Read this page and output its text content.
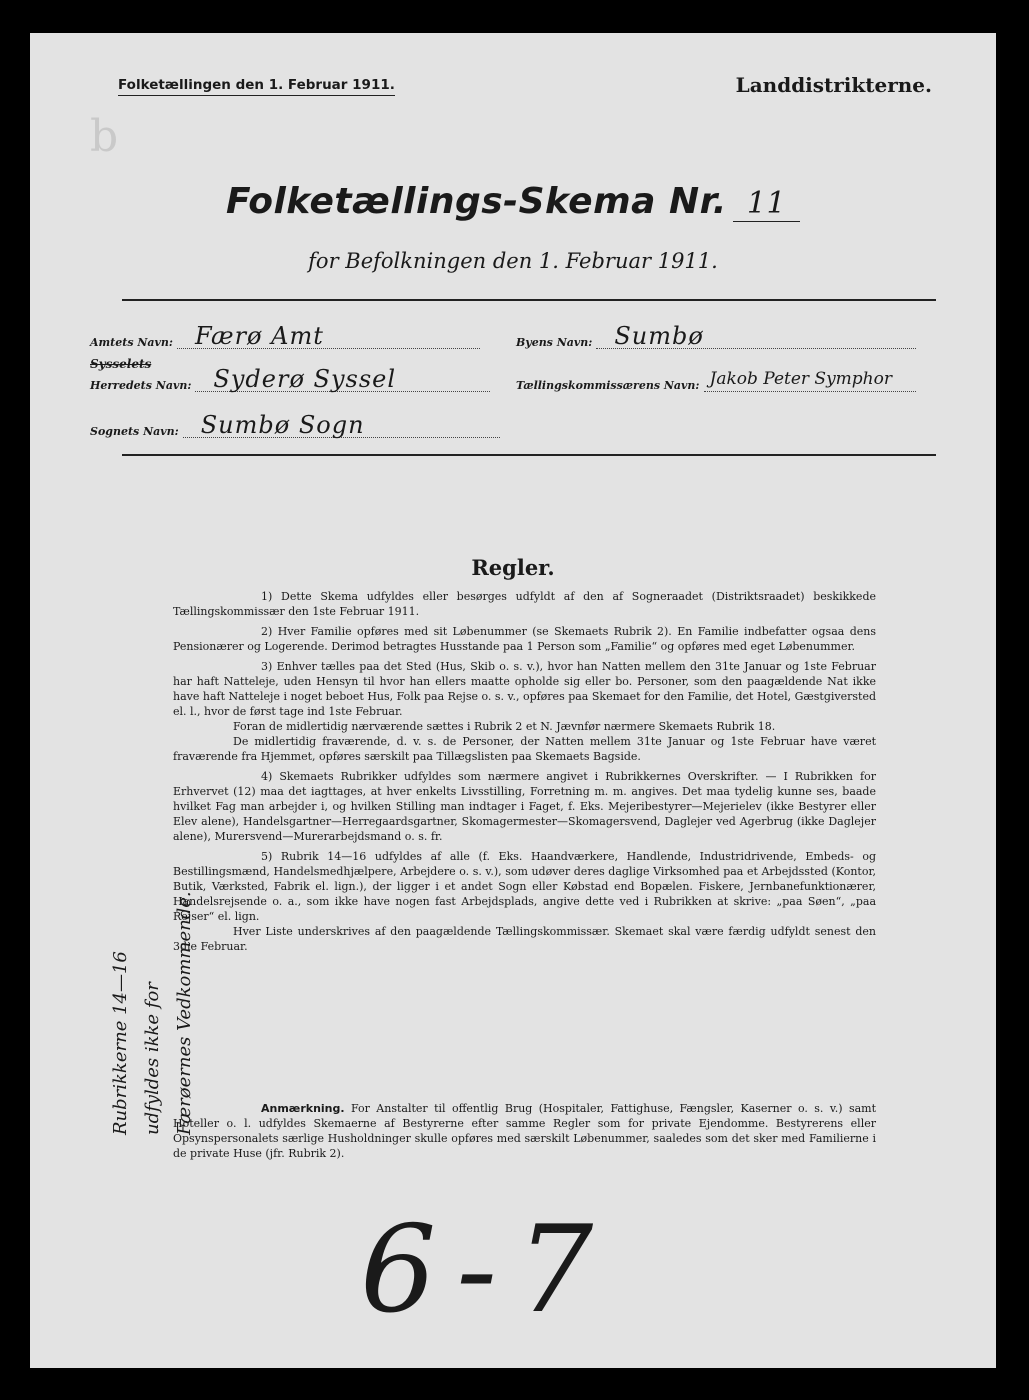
b
Folketællingen den 1. Februar 1911.	Landdistrikterne.
Folketællings-Skema Nr. 11
for Befolkningen den 1. Februar 1911.
Amtets Navn: Færø Amt	Byens Navn: Sumbø
Sysselets
Herredets Navn: Syderø Syssel	Tællingskommissærens Navn: Jakob Peter Symphor
Sognets Navn: Sumbø Sogn
Regler.

1) Dette Skema udfyldes eller besørges udfyldt af den af Sogneraadet (Distriktsraadet) beskikkede Tællingskommissær den 1ste Februar 1911.

2) Hver Familie opføres med sit Løbenummer (se Skemaets Rubrik 2). En Familie indbefatter ogsaa dens Pensionærer og Logerende. Derimod betragtes Husstande paa 1 Person som „Familie“ og opføres med eget Løbenummer.

3) Enhver tælles paa det Sted (Hus, Skib o. s. v.), hvor han Natten mellem den 31te Januar og 1ste Februar har haft Natteleje, uden Hensyn til hvor han ellers maatte opholde sig eller bo. Personer, som den paagældende Nat ikke have haft Natteleje i noget beboet Hus, Folk paa Rejse o. s. v., opføres paa Skemaet for den Familie, det Hotel, Gæstgiversted el. l., hvor de først tage ind 1ste Februar.

Foran de midlertidig nærværende sættes i Rubrik 2 et N. Jævnfør nærmere Skemaets Rubrik 18.

De midlertidig fraværende, d. v. s. de Personer, der Natten mellem 31te Januar og 1ste Februar have været fraværende fra Hjemmet, opføres særskilt paa Tillægslisten paa Skemaets Bagside.

4) Skemaets Rubrikker udfyldes som nærmere angivet i Rubrikkernes Overskrifter. — I Rubrikken for Erhvervet (12) maa det iagttages, at hver enkelts Livsstilling, Forretning m. m. angives. Det maa tydelig kunne ses, baade hvilket Fag man arbejder i, og hvilken Stilling man indtager i Faget, f. Eks. Mejeribestyrer—Mejerielev (ikke Bestyrer eller Elev alene), Handelsgartner—Herregaardsgartner, Skomagermester—Skomagersvend, Daglejer ved Agerbrug (ikke Daglejer alene), Murersvend—Murerarbejdsmand o. s. fr.

5) Rubrik 14—16 udfyldes af alle (f. Eks. Haandværkere, Handlende, Industridrivende, Embeds- og Bestillingsmænd, Handelsmedhjælpere, Arbejdere o. s. v.), som udøver deres daglige Virksomhed paa et Arbejdssted (Kontor, Butik, Værksted, Fabrik el. lign.), der ligger i et andet Sogn eller Købstad end Bopælen. Fiskere, Jernbanefunktionærer, Handelsrejsende o. a., som ikke have nogen fast Arbejdsplads, angive dette ved i Rubrikken at skrive: „paa Søen“, „paa Rejser“ el. lign.

Hver Liste underskrives af den paagældende Tællingskommissær. Skemaet skal være færdig udfyldt senest den 3die Februar.

Anmærkning. For Anstalter til offentlig Brug (Hospitaler, Fattighuse, Fængsler, Kaserner o. s. v.) samt Hoteller o. l. udfyldes Skemaerne af Bestyrerne efter samme Regler som for private Ejendomme. Bestyrerens eller Opsynspersonalets særlige Husholdninger skulle opføres med særskilt Løbenummer, saaledes som det sker med Familierne i de private Huse (jfr. Rubrik 2).

Rubrikkerne 14—16 udfyldes ikke for Færøernes Vedkommende.
6-7
